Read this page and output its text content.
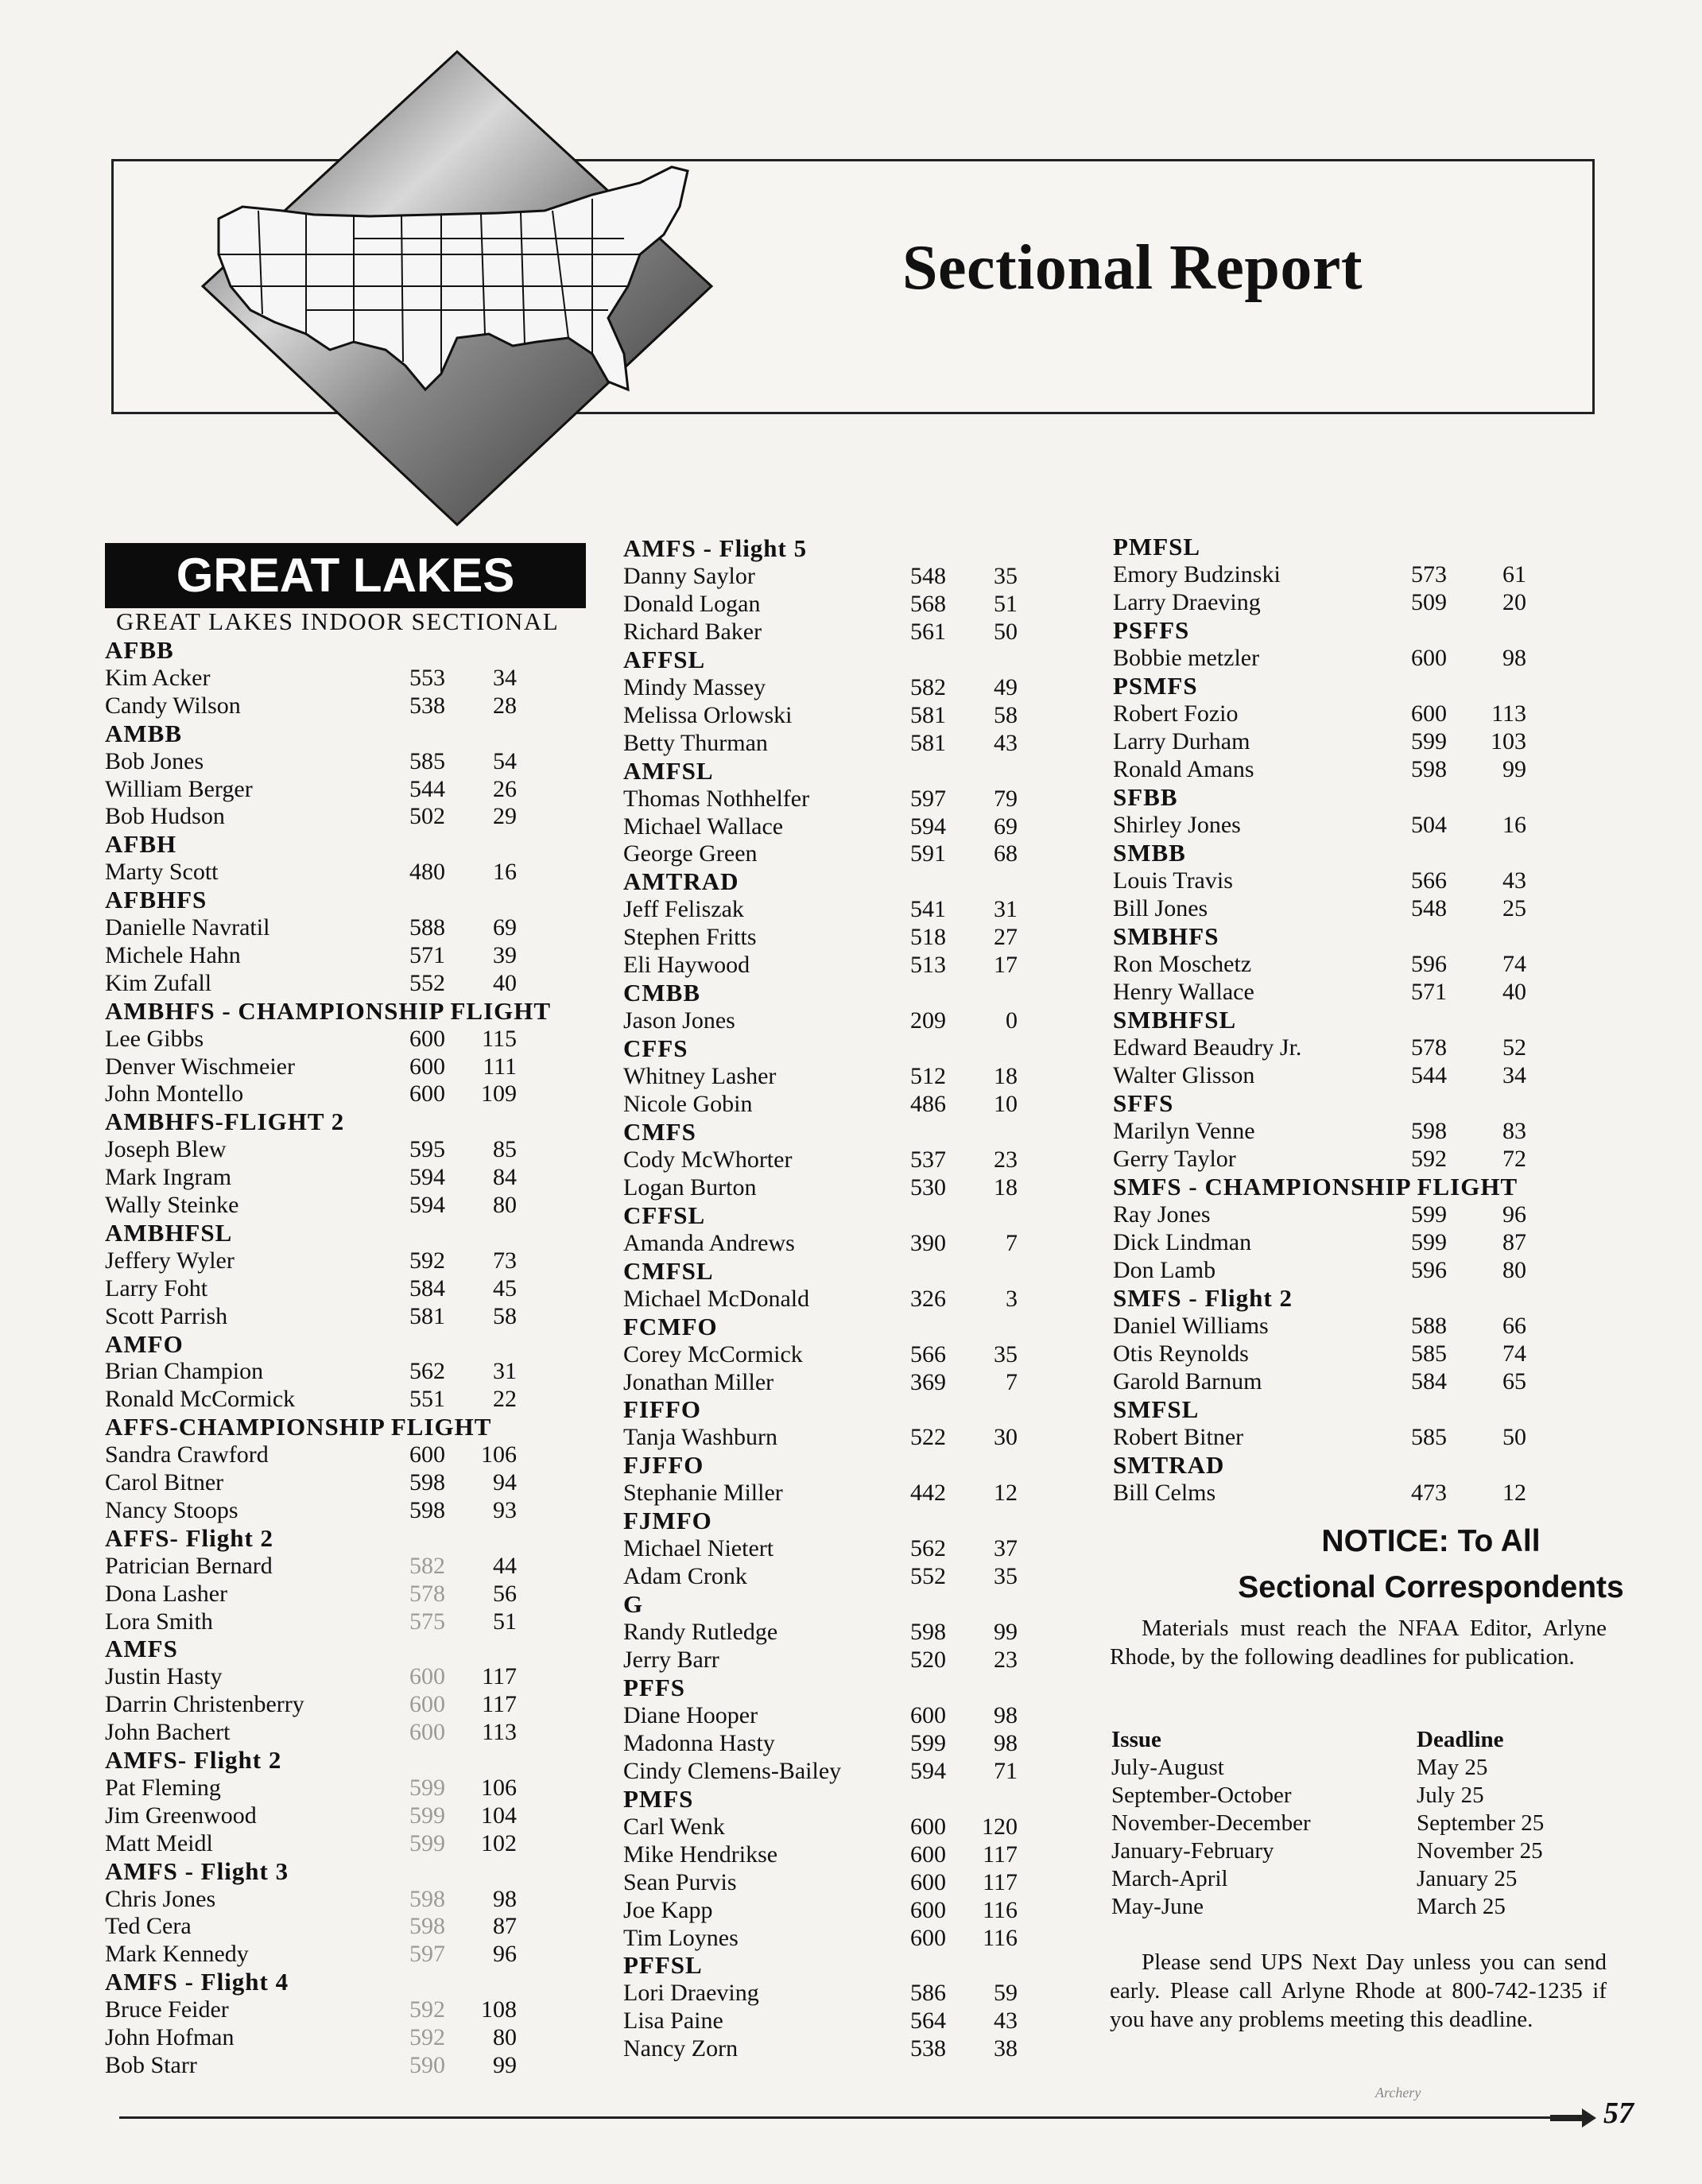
Sectional Report
GREAT LAKES
GREAT LAKES INDOOR SECTIONAL
AFBB
Kim Acker	553	34
Candy Wilson	538	28
AMBB
Bob Jones	585	54
William Berger	544	26
Bob Hudson	502	29
AFBH
Marty Scott	480	16
AFBHFS
Danielle Navratil	588	69
Michele Hahn	571	39
Kim Zufall	552	40
AMBHFS - CHAMPIONSHIP FLIGHT
Lee Gibbs	600	115
Denver Wischmeier	600	111
John Montello	600	109
AMBHFS-FLIGHT 2
Joseph Blew	595	85
Mark Ingram	594	84
Wally Steinke	594	80
AMBHFSL
Jeffery Wyler	592	73
Larry Foht	584	45
Scott Parrish	581	58
AMFO
Brian Champion	562	31
Ronald McCormick	551	22
AFFS-CHAMPIONSHIP FLIGHT
Sandra Crawford	600	106
Carol Bitner	598	94
Nancy Stoops	598	93
AFFS- Flight 2
Patrician Bernard	582	44
Dona Lasher	578	56
Lora Smith	575	51
AMFS
Justin Hasty	600	117
Darrin Christenberry	600	117
John Bachert	600	113
AMFS- Flight 2
Pat Fleming	599	106
Jim Greenwood	599	104
Matt Meidl	599	102
AMFS - Flight 3
Chris Jones	598	98
Ted Cera	598	87
Mark Kennedy	597	96
AMFS - Flight 4
Bruce Feider	592	108
John Hofman	592	80
Bob Starr	590	99
AMFS - Flight 5
Danny Saylor	548	35
Donald Logan	568	51
Richard Baker	561	50
AFFSL
Mindy Massey	582	49
Melissa Orlowski	581	58
Betty Thurman	581	43
AMFSL
Thomas Nothhelfer	597	79
Michael Wallace	594	69
George Green	591	68
AMTRAD
Jeff Feliszak	541	31
Stephen Fritts	518	27
Eli Haywood	513	17
CMBB
Jason Jones	209	0
CFFS
Whitney Lasher	512	18
Nicole Gobin	486	10
CMFS
Cody McWhorter	537	23
Logan Burton	530	18
CFFSL
Amanda Andrews	390	7
CMFSL
Michael McDonald	326	3
FCMFO
Corey McCormick	566	35
Jonathan Miller	369	7
FIFFO
Tanja Washburn	522	30
FJFFO
Stephanie Miller	442	12
FJMFO
Michael Nietert	562	37
Adam Cronk	552	35
G
Randy Rutledge	598	99
Jerry Barr	520	23
PFFS
Diane Hooper	600	98
Madonna Hasty	599	98
Cindy Clemens-Bailey	594	71
PMFS
Carl Wenk	600	120
Mike Hendrikse	600	117
Sean Purvis	600	117
Joe Kapp	600	116
Tim Loynes	600	116
PFFSL
Lori Draeving	586	59
Lisa Paine	564	43
Nancy Zorn	538	38
PMFSL
Emory Budzinski	573	61
Larry Draeving	509	20
PSFFS
Bobbie metzler	600	98
PSMFS
Robert Fozio	600	113
Larry Durham	599	103
Ronald Amans	598	99
SFBB
Shirley Jones	504	16
SMBB
Louis Travis	566	43
Bill Jones	548	25
SMBHFS
Ron Moschetz	596	74
Henry Wallace	571	40
SMBHFSL
Edward Beaudry Jr.	578	52
Walter Glisson	544	34
SFFS
Marilyn Venne	598	83
Gerry Taylor	592	72
SMFS - CHAMPIONSHIP FLIGHT
Ray Jones	599	96
Dick Lindman	599	87
Don Lamb	596	80
SMFS - Flight 2
Daniel Williams	588	66
Otis Reynolds	585	74
Garold Barnum	584	65
SMFSL
Robert Bitner	585	50
SMTRAD
Bill Celms	473	12
NOTICE: To All
Sectional Correspondents
Materials must reach the NFAA Editor, Arlyne Rhode, by the following deadlines for publication.
Issue	Deadline
July-August	May 25
September-October	July 25
November-December	September 25
January-February	November 25
March-April	January 25
May-June	March 25
Please send UPS Next Day unless you can send early. Please call Arlyne Rhode at 800-742-1235 if you have any problems meeting this deadline.
Archery
57
